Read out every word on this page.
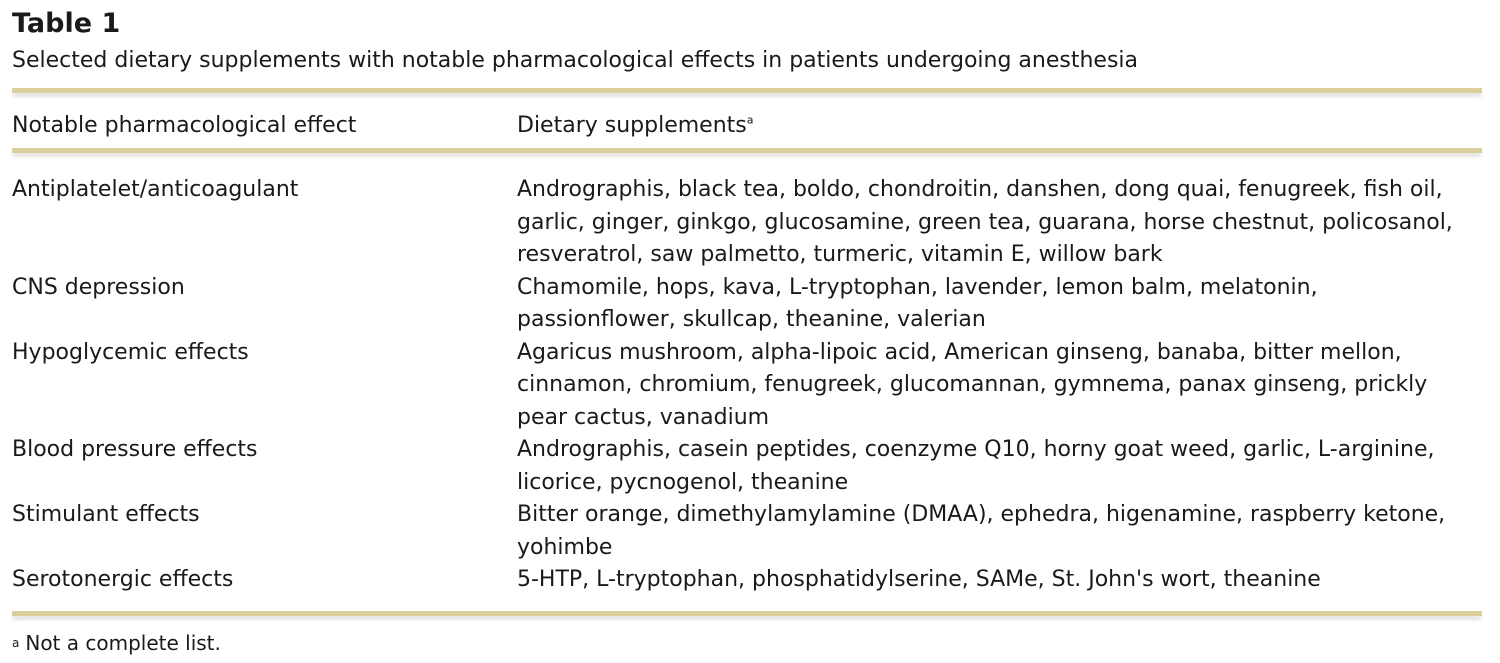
Table 1
Selected dietary supplements with notable pharmacological effects in patients undergoing anesthesia
Notable pharmacological effect	Dietary supplements$^a$
Antiplatelet/anticoagulant	Andrographis, black tea, boldo, chondroitin, danshen, dong quai, fenugreek, fish oil, garlic, ginger, ginkgo, glucosamine, green tea, guarana, horse chestnut, policosanol, resveratrol, saw palmetto, turmeric, vitamin E, willow bark
CNS depression	Chamomile, hops, kava, L-tryptophan, lavender, lemon balm, melatonin, passionflower, skullcap, theanine, valerian
Hypoglycemic effects	Agaricus mushroom, alpha-lipoic acid, American ginseng, banaba, bitter mellon, cinnamon, chromium, fenugreek, glucomannan, gymnema, panax ginseng, prickly pear cactus, vanadium
Blood pressure effects	Andrographis, casein peptides, coenzyme Q10, horny goat weed, garlic, L-arginine, licorice, pycnogenol, theanine
Stimulant effects	Bitter orange, dimethylamylamine (DMAA), ephedra, higenamine, raspberry ketone, yohimbe
Serotonergic effects	5-HTP, L-tryptophan, phosphatidylserine, SAMe, St. John's wort, theanine
a Not a complete list.
